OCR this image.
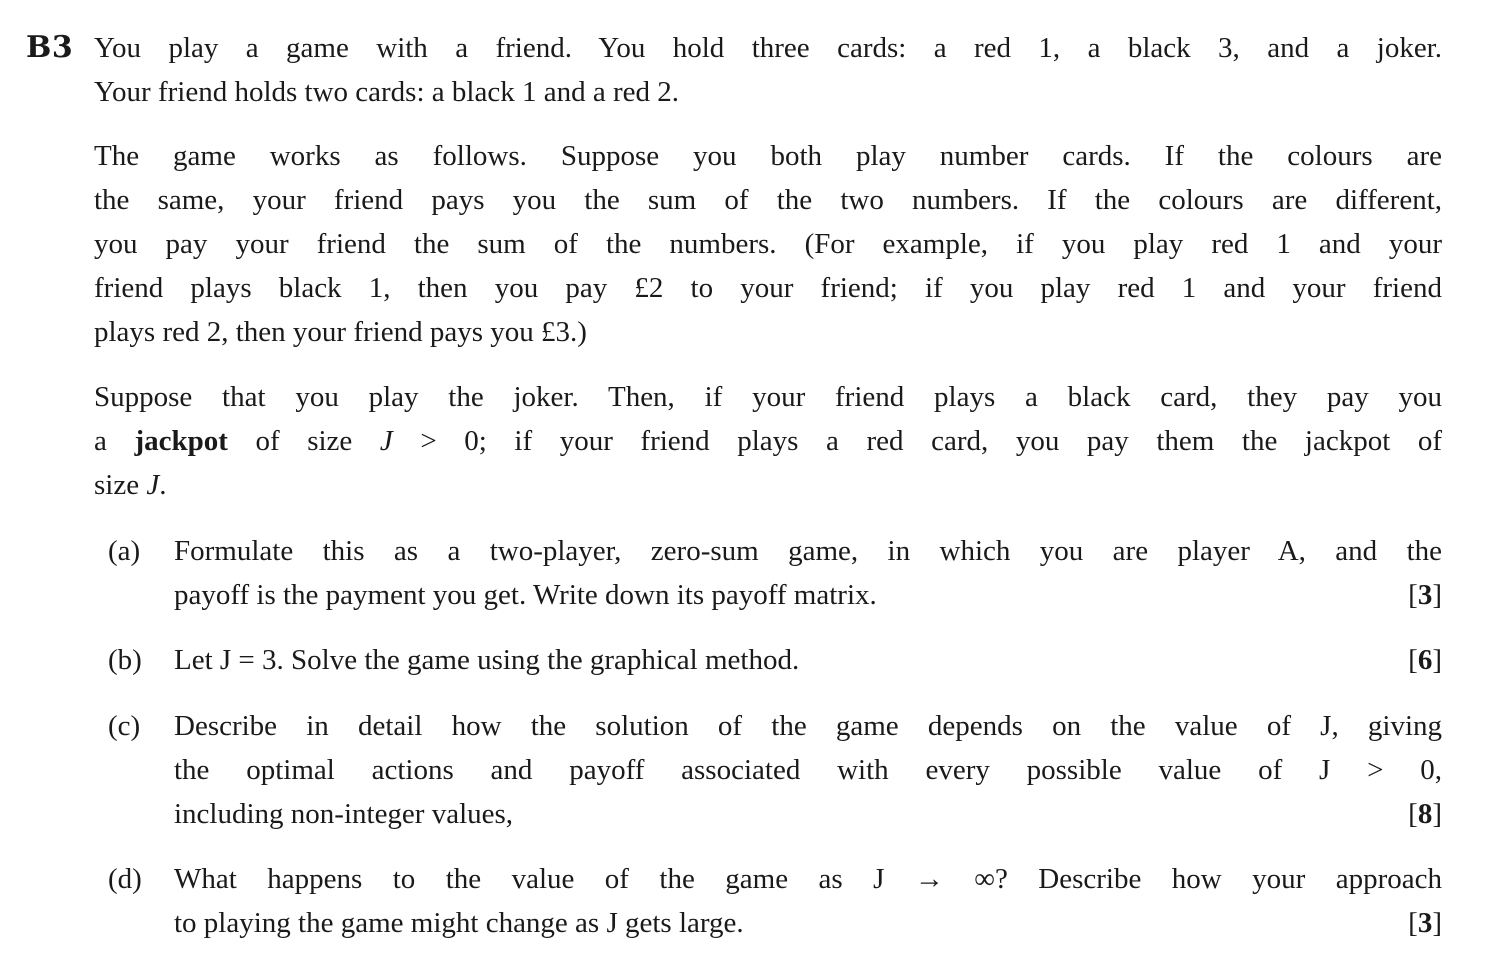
B3 You play a game with a friend. You hold three cards: a red 1, a black 3, and a joker.
Your friend holds two cards: a black 1 and a red 2.
The game works as follows. Suppose you both play number cards. If the colours are
the same, your friend pays you the sum of the two numbers. If the colours are different,
you pay your friend the sum of the numbers. (For example, if you play red 1 and your
friend plays black 1, then you pay £2 to your friend; if you play red 1 and your friend
plays red 2, then your friend pays you £3.)
Suppose that you play the joker. Then, if your friend plays a black card, they pay you
a jackpot of size J > 0; if your friend plays a red card, you pay them the jackpot of
size J.
(a) Formulate this as a two-player, zero-sum game, in which you are player A, and the
payoff is the payment you get. Write down its payoff matrix.	[3]
(b) Let J = 3. Solve the game using the graphical method.	[6]
(c) Describe in detail how the solution of the game depends on the value of J, giving
the optimal actions and payoff associated with every possible value of J > 0,
including non-integer values,	[8]
(d) What happens to the value of the game as J → ∞? Describe how your approach
to playing the game might change as J gets large.	[3]
